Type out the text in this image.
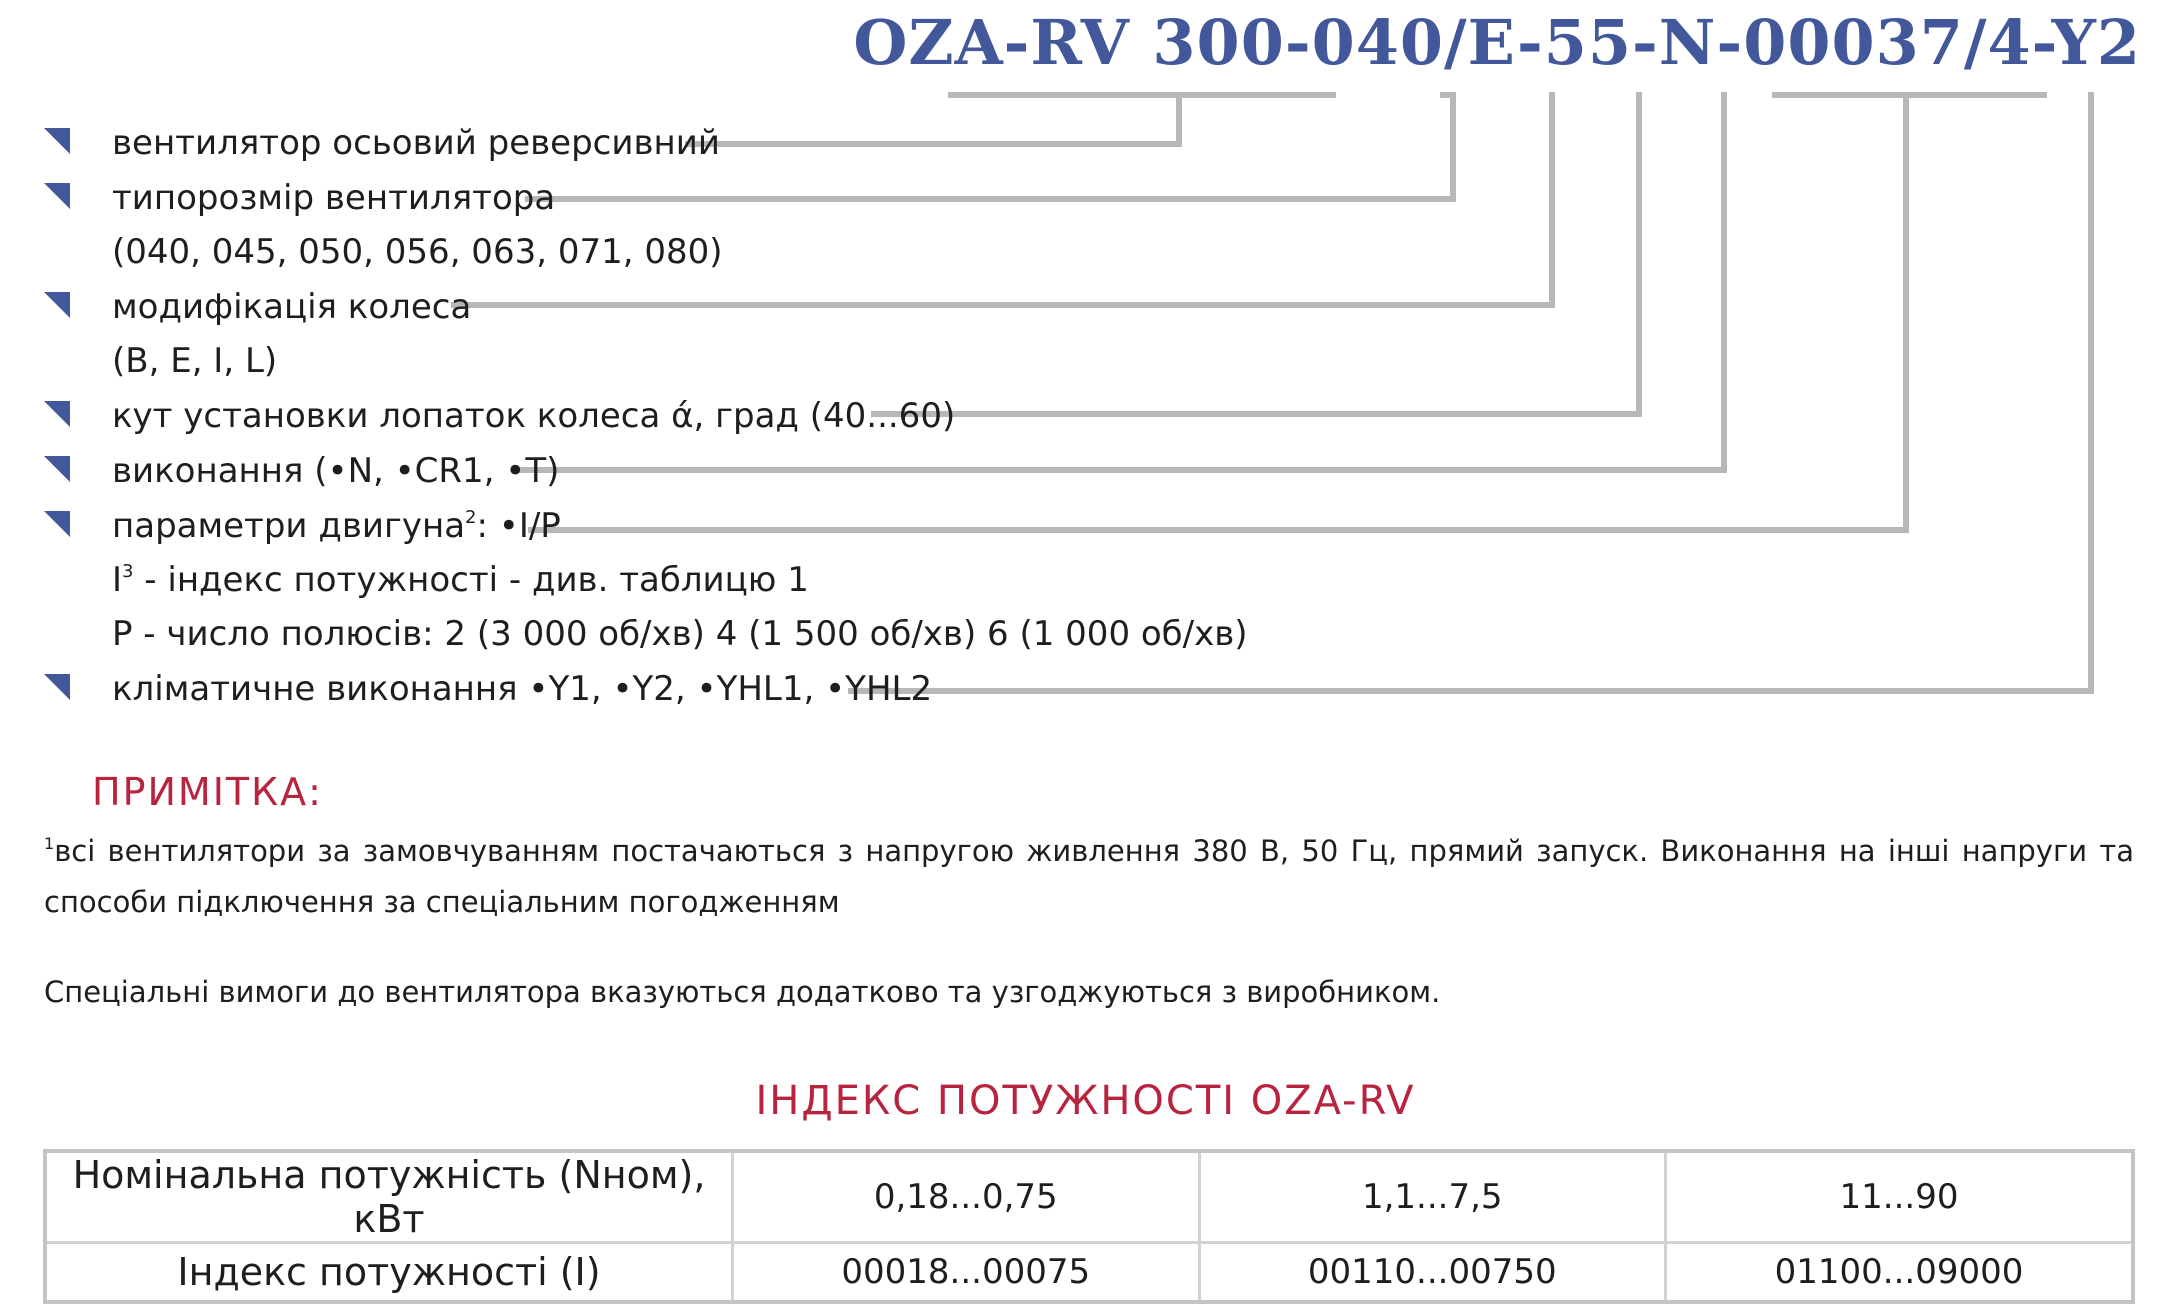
OZA-RV 300-040/E-55-N-00037/4-Y2
вентилятор осьовий реверсивний
типорозмір вентилятора
(040, 045, 050, 056, 063, 071, 080)
модифікація колеса
(B, E, I, L)
кут установки лопаток колеса ά, град (40...60)
виконання (•N, •CR1, •T)
параметри двигуна$^2$: •I/P
$I^3$ - індекс потужності - див. таблицю 1
P - число полюсів: 2 (3 000 об/хв) 4 (1 500 об/хв) 6 (1 000 об/хв)
кліматичне виконання •Y1, •Y2, •YHL1, •YHL2
ПРИМІТКА:
$^1$всі вентилятори за замовчуванням постачаються з напругою живлення 380 В, 50 Гц, прямий запуск. Виконання на інші напруги та способи підключення за спеціальним погодженням
Спеціальні вимоги до вентилятора вказуються додатково та узгоджуються з виробником.
ІНДЕКС ПОТУЖНОСТІ OZA-RV
Номінальна потужність (Nном), кВт	0,18...0,75	1,1...7,5	11...90
Індекс потужності (I)	00018...00075	00110...00750	01100...09000
